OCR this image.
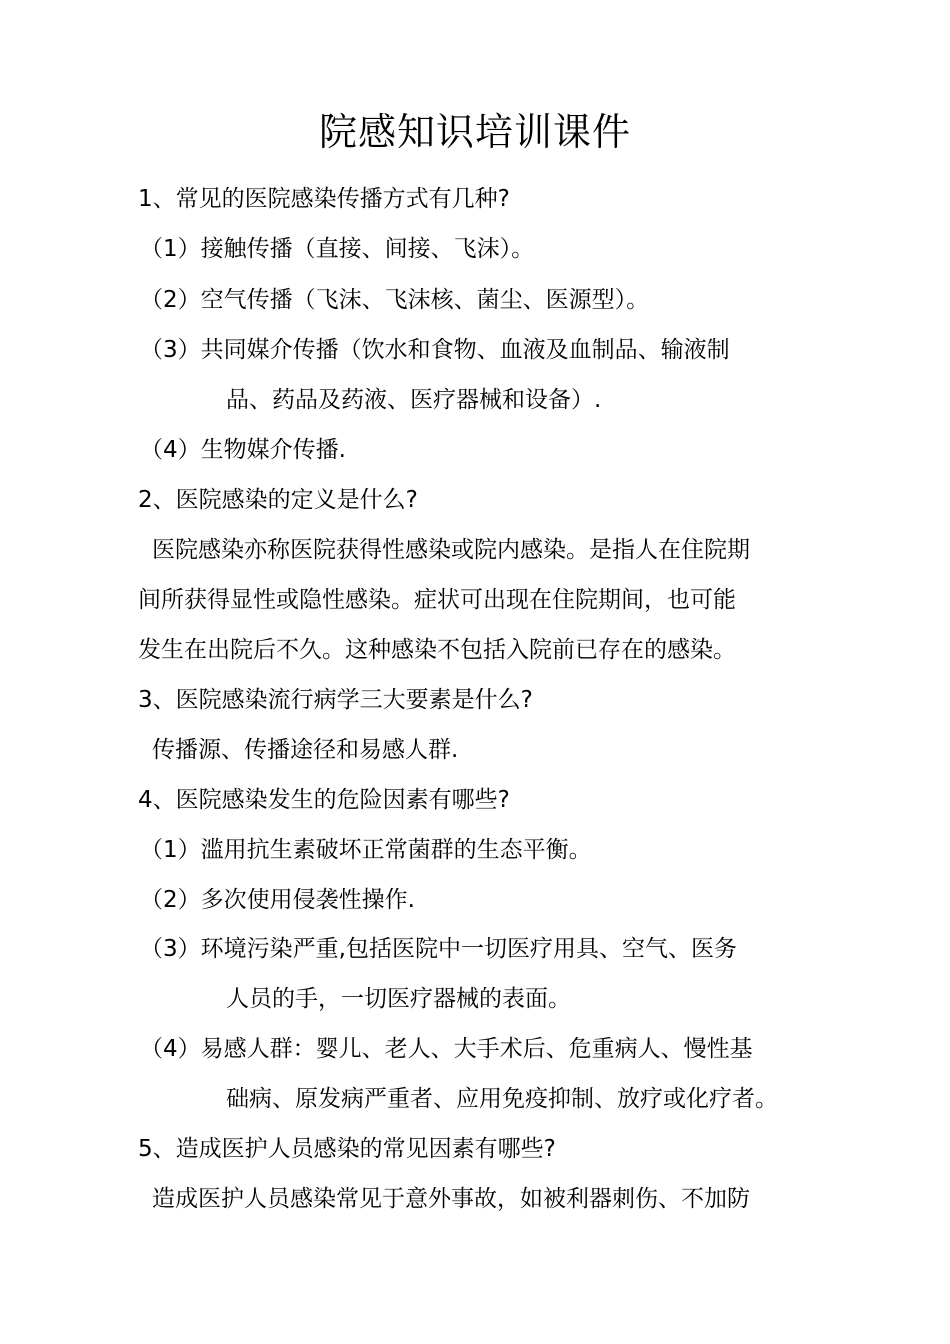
院感知识培训课件
1、常见的医院感染传播方式有几种?
（1）接触传播（直接、间接、飞沫）。
（2）空气传播（飞沫、飞沫核、菌尘、医源型）。
（3）共同媒介传播（饮水和食物、血液及血制品、输液制
品、药品及药液、医疗器械和设备）.
（4）生物媒介传播.
2、医院感染的定义是什么?
医院感染亦称医院获得性感染或院内感染。是指人在住院期
间所获得显性或隐性感染。症状可出现在住院期间，也可能
发生在出院后不久。这种感染不包括入院前已存在的感染。
3、医院感染流行病学三大要素是什么?
传播源、传播途径和易感人群.
4、医院感染发生的危险因素有哪些?
（1）滥用抗生素破坏正常菌群的生态平衡。
（2）多次使用侵袭性操作.
（3）环境污染严重,包括医院中一切医疗用具、空气、医务
人员的手，一切医疗器械的表面。
（4）易感人群：婴儿、老人、大手术后、危重病人、慢性基
础病、原发病严重者、应用免疫抑制、放疗或化疗者。
5、造成医护人员感染的常见因素有哪些?
造成医护人员感染常见于意外事故，如被利器刺伤、不加防
